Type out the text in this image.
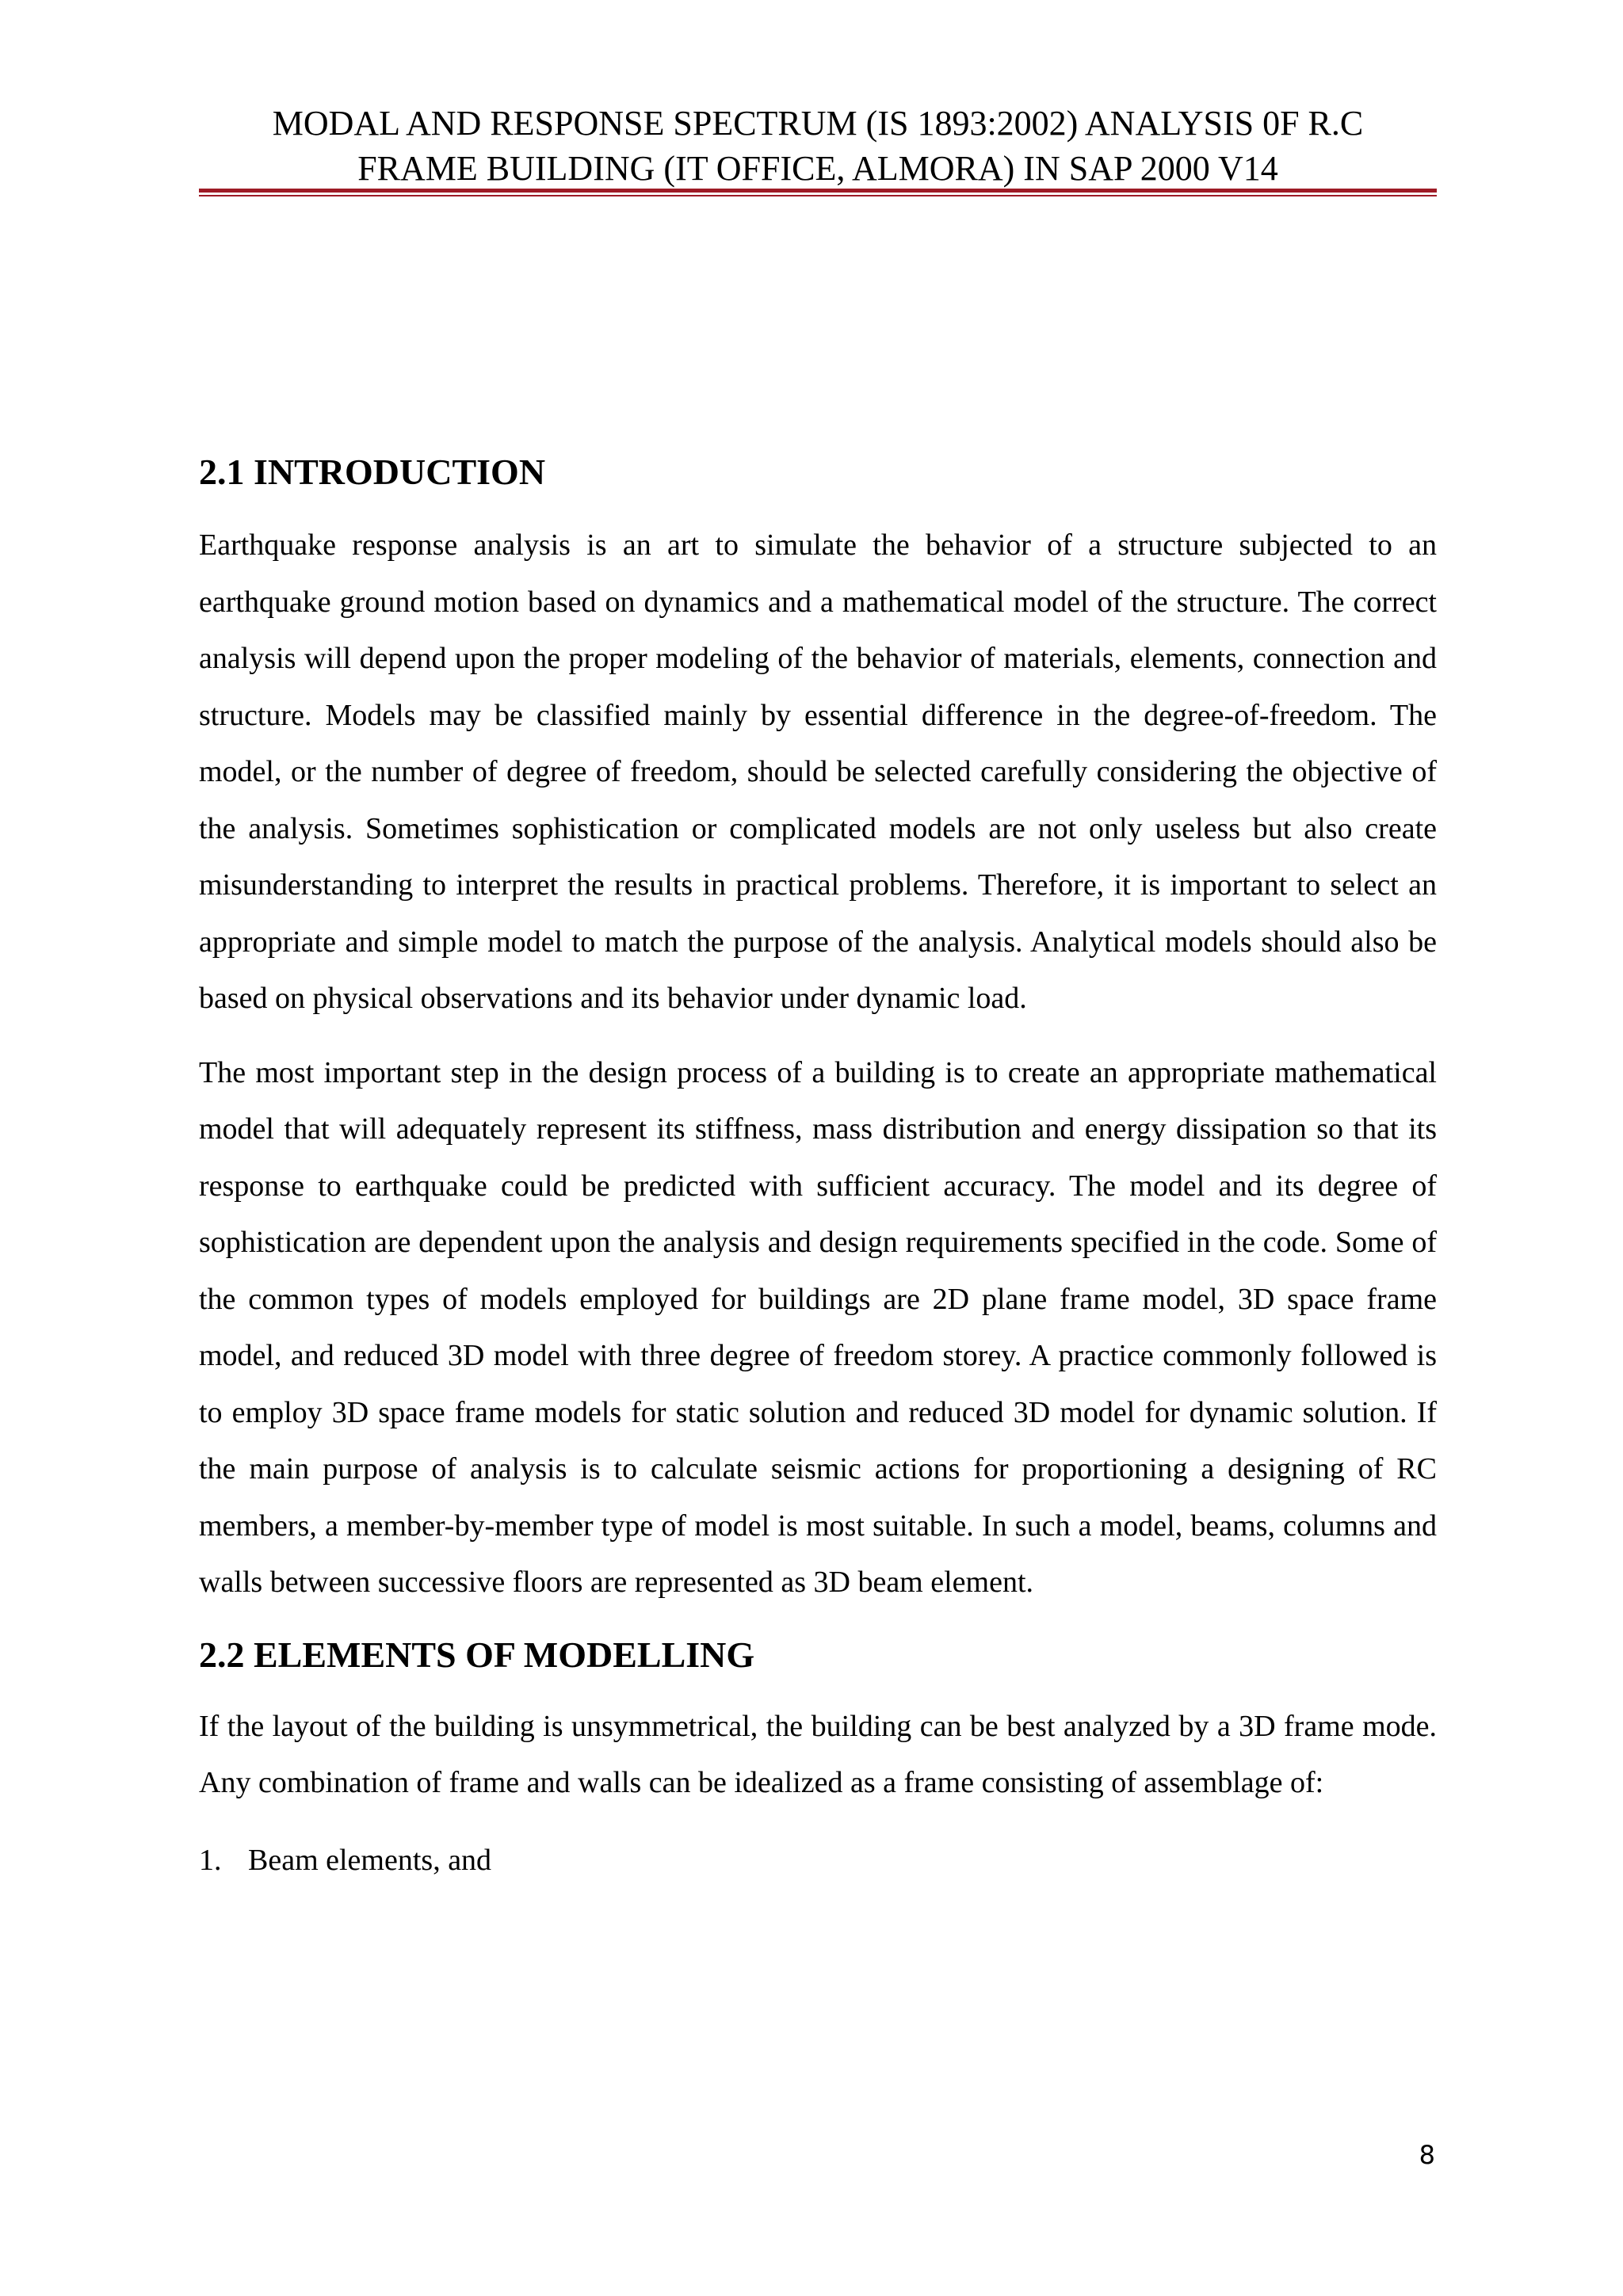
MODAL AND RESPONSE SPECTRUM (IS 1893:2002) ANALYSIS 0F R.C
FRAME BUILDING (IT OFFICE, ALMORA) IN SAP 2000 V14
2.1 INTRODUCTION

Earthquake response analysis is an art to simulate the behavior of a structure subjected to an earthquake ground motion based on dynamics and a mathematical model of the structure. The correct analysis will depend upon the proper modeling of the behavior of materials, elements, connection and structure. Models may be classified mainly by essential difference in the degree-of-freedom. The model, or the number of degree of freedom, should be selected carefully considering the objective of the analysis. Sometimes sophistication or complicated models are not only useless but also create misunderstanding to interpret the results in practical problems. Therefore, it is important to select an appropriate and simple model to match the purpose of the analysis. Analytical models should also be based on physical observations and its behavior under dynamic load.

The most important step in the design process of a building is to create an appropriate mathematical model that will adequately represent its stiffness, mass distribution and energy dissipation so that its response to earthquake could be predicted with sufficient accuracy. The model and its degree of sophistication are dependent upon the analysis and design requirements specified in the code. Some of the common types of models employed for buildings are 2D plane frame model, 3D space frame model, and reduced 3D model with three degree of freedom storey. A practice commonly followed is to employ 3D space frame models for static solution and reduced 3D model for dynamic solution. If the main purpose of analysis is to calculate seismic actions for proportioning a designing of RC members, a member-by-member type of model is most suitable. In such a model, beams, columns and walls between successive floors are represented as 3D beam element.

2.2 ELEMENTS OF MODELLING

If the layout of the building is unsymmetrical, the building can be best analyzed by a 3D frame mode. Any combination of frame and walls can be idealized as a frame consisting of assemblage of:

1. Beam elements, and
8
